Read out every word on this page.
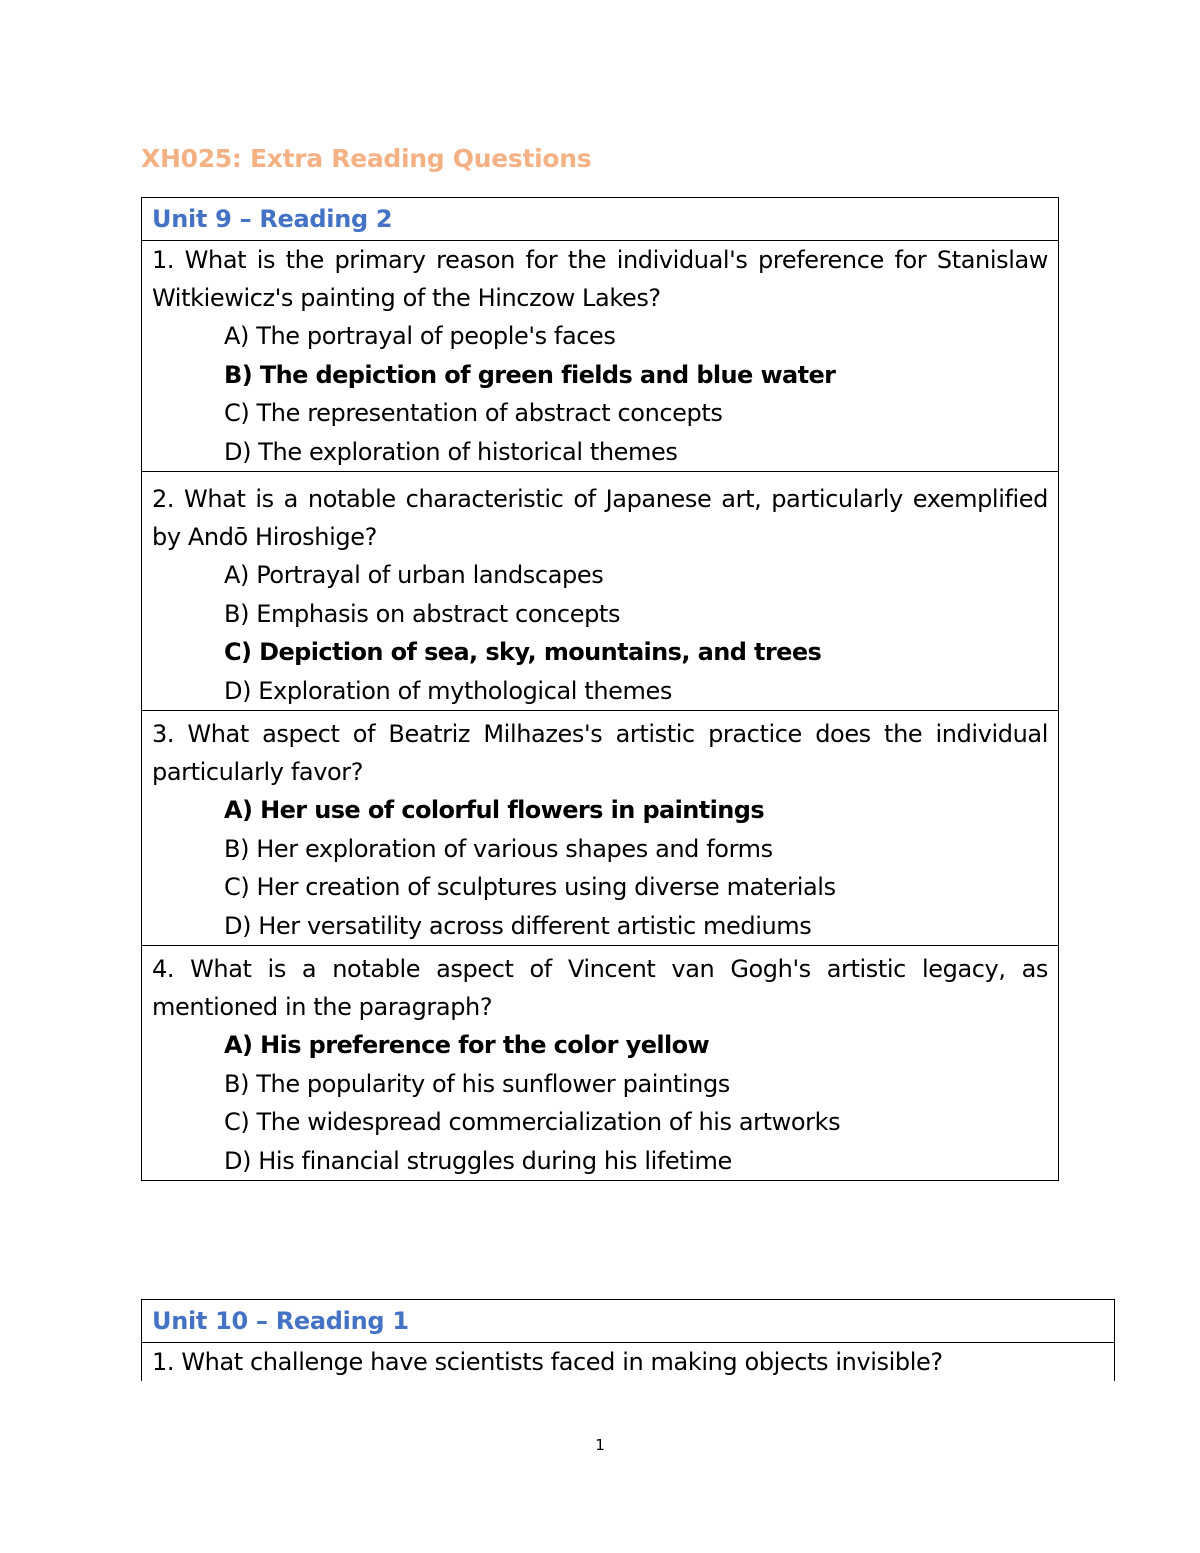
XH025: Extra Reading Questions
Unit 9 – Reading 2

1. What is the primary reason for the individual's preference for Stanislaw Witkiewicz's painting of the Hinczow Lakes?

A) The portrayal of people's faces
B) The depiction of green fields and blue water
C) The representation of abstract concepts
D) The exploration of historical themes

2. What is a notable characteristic of Japanese art, particularly exemplified by Andō Hiroshige?

A) Portrayal of urban landscapes
B) Emphasis on abstract concepts
C) Depiction of sea, sky, mountains, and trees
D) Exploration of mythological themes

3. What aspect of Beatriz Milhazes's artistic practice does the individual particularly favor?

A) Her use of colorful flowers in paintings
B) Her exploration of various shapes and forms
C) Her creation of sculptures using diverse materials
D) Her versatility across different artistic mediums

4. What is a notable aspect of Vincent van Gogh's artistic legacy, as mentioned in the paragraph?

A) His preference for the color yellow
B) The popularity of his sunflower paintings
C) The widespread commercialization of his artworks
D) His financial struggles during his lifetime
Unit 10 – Reading 1

1. What challenge have scientists faced in making objects invisible?

1
